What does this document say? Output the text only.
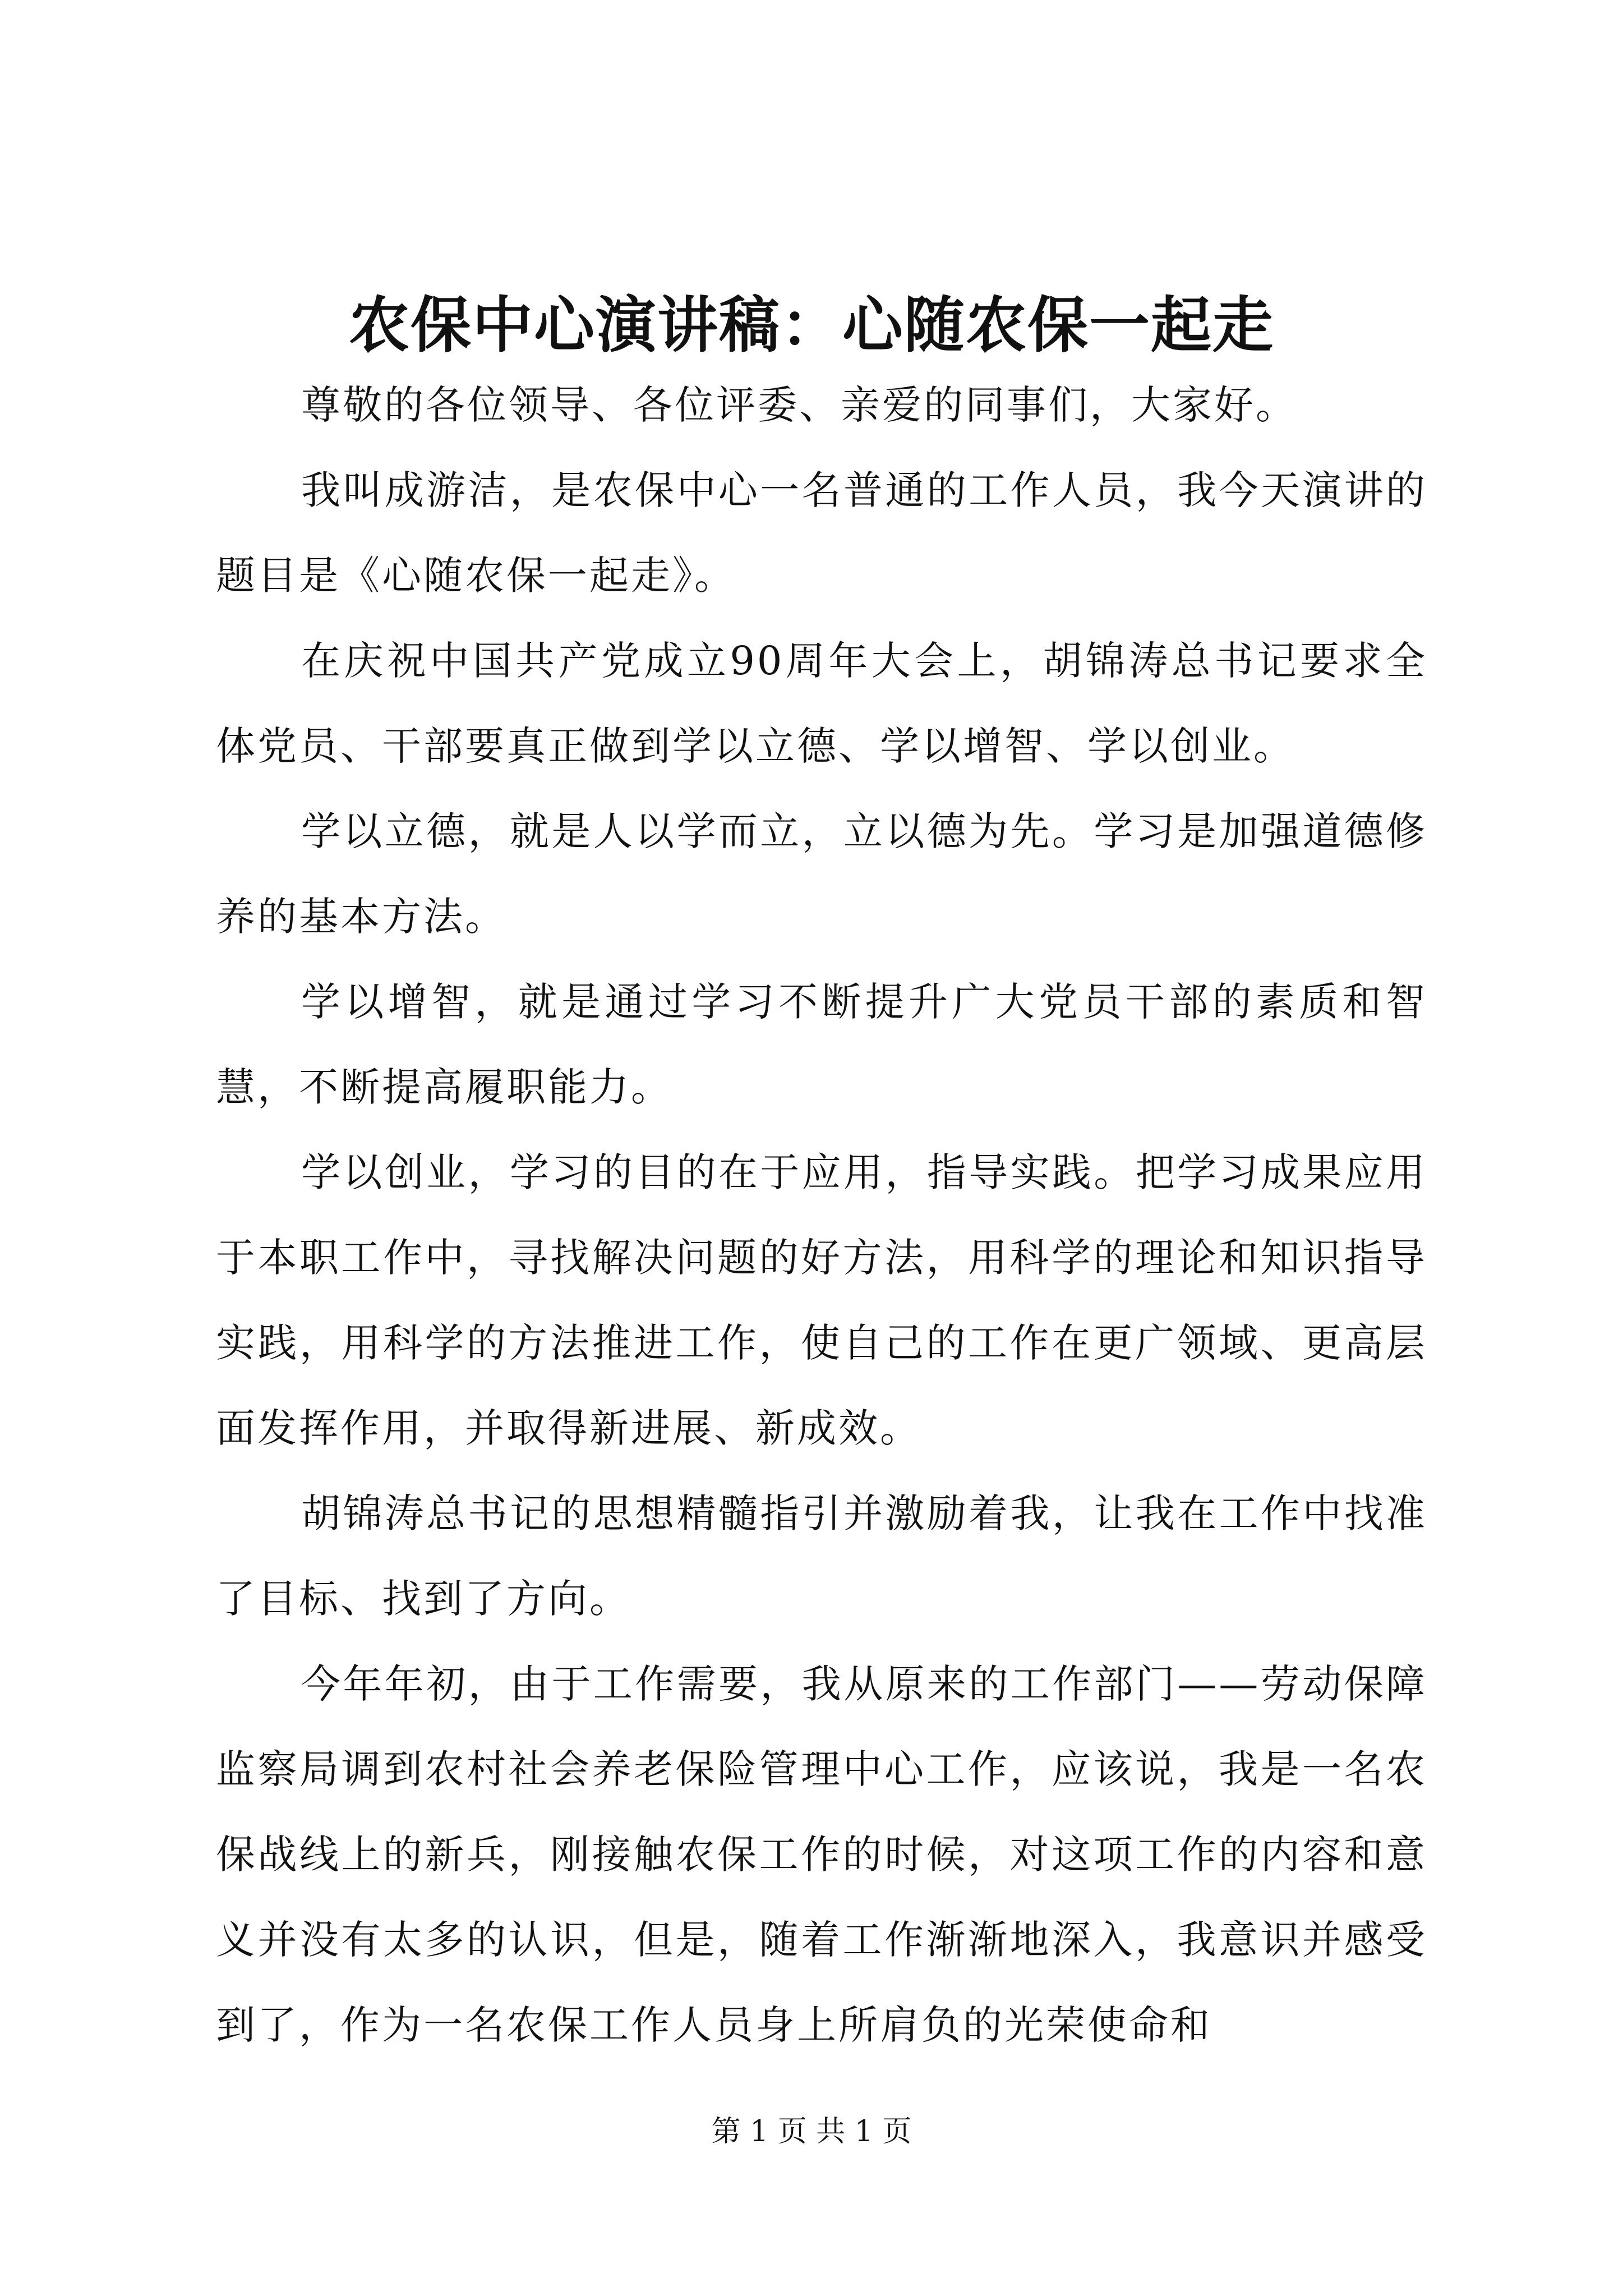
农保中心演讲稿：心随农保一起走

尊敬的各位领导、各位评委、亲爱的同事们，大家好。

我叫成游洁，是农保中心一名普通的工作人员，我今天演讲的题目是《心随农保一起走》。

在庆祝中国共产党成立90周年大会上，胡锦涛总书记要求全体党员、干部要真正做到学以立德、学以增智、学以创业。

学以立德，就是人以学而立，立以德为先。学习是加强道德修养的基本方法。

学以增智，就是通过学习不断提升广大党员干部的素质和智慧，不断提高履职能力。

学以创业，学习的目的在于应用，指导实践。把学习成果应用于本职工作中，寻找解决问题的好方法，用科学的理论和知识指导实践，用科学的方法推进工作，使自己的工作在更广领域、更高层面发挥作用，并取得新进展、新成效。

胡锦涛总书记的思想精髓指引并激励着我，让我在工作中找准了目标、找到了方向。

今年年初，由于工作需要，我从原来的工作部门——劳动保障监察局调到农村社会养老保险管理中心工作，应该说，我是一名农保战线上的新兵，刚接触农保工作的时候，对这项工作的内容和意义并没有太多的认识，但是，随着工作渐渐地深入，我意识并感受到了，作为一名农保工作人员身上所肩负的光荣使命和

第 1 页 共 1 页
